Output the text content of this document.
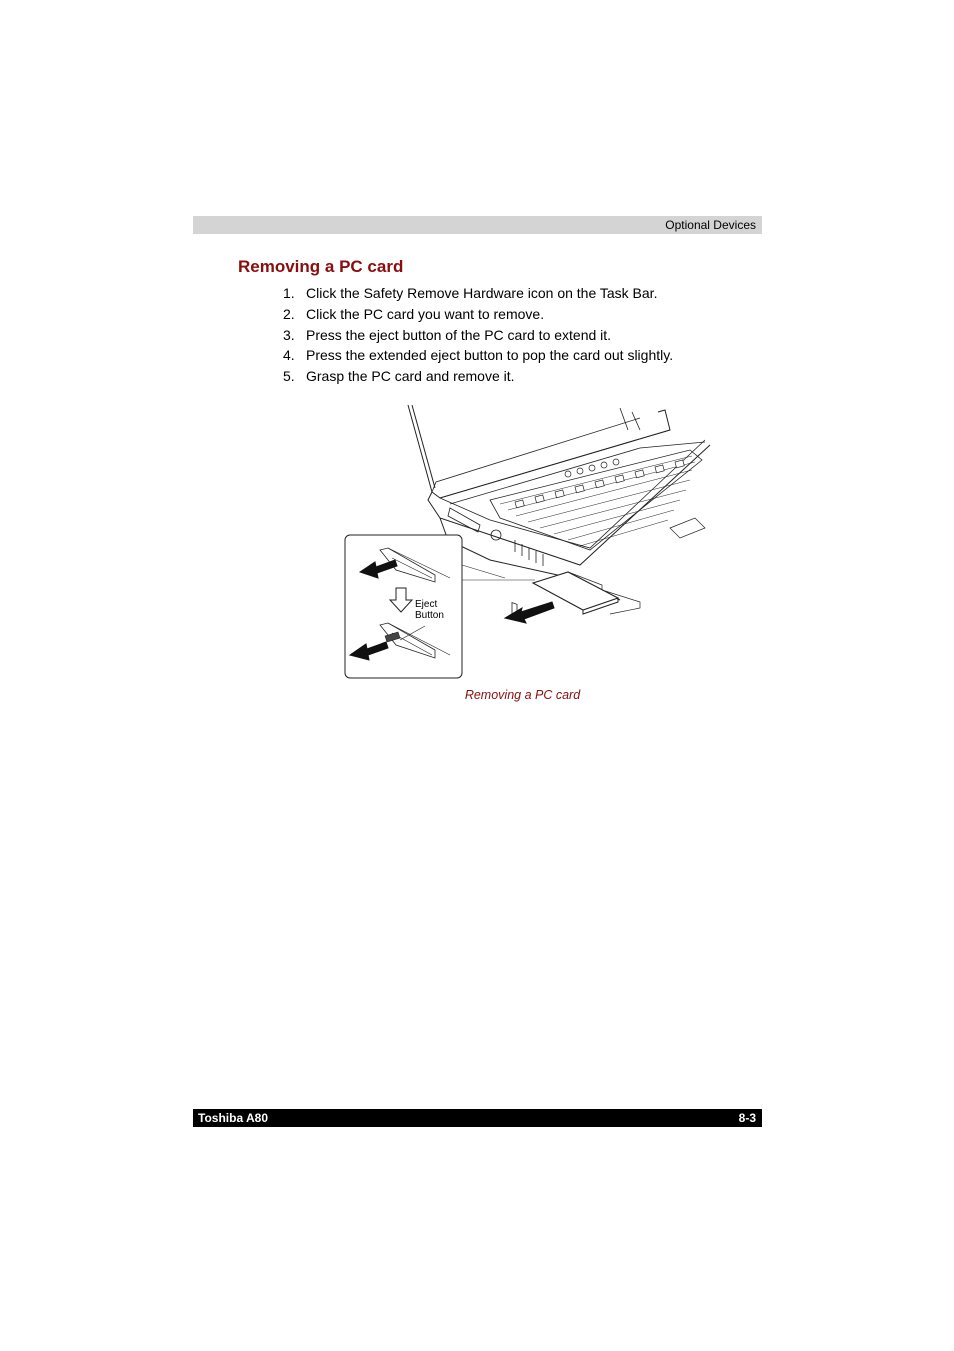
Optional Devices
Removing a PC card
1. Click the Safety Remove Hardware icon on the Task Bar.
2. Click the PC card you want to remove.
3. Press the eject button of the PC card to extend it.
4. Press the extended eject button to pop the card out slightly.
5. Grasp the PC card and remove it.
Eject
Button
Removing a PC card
Toshiba A80	8-3
